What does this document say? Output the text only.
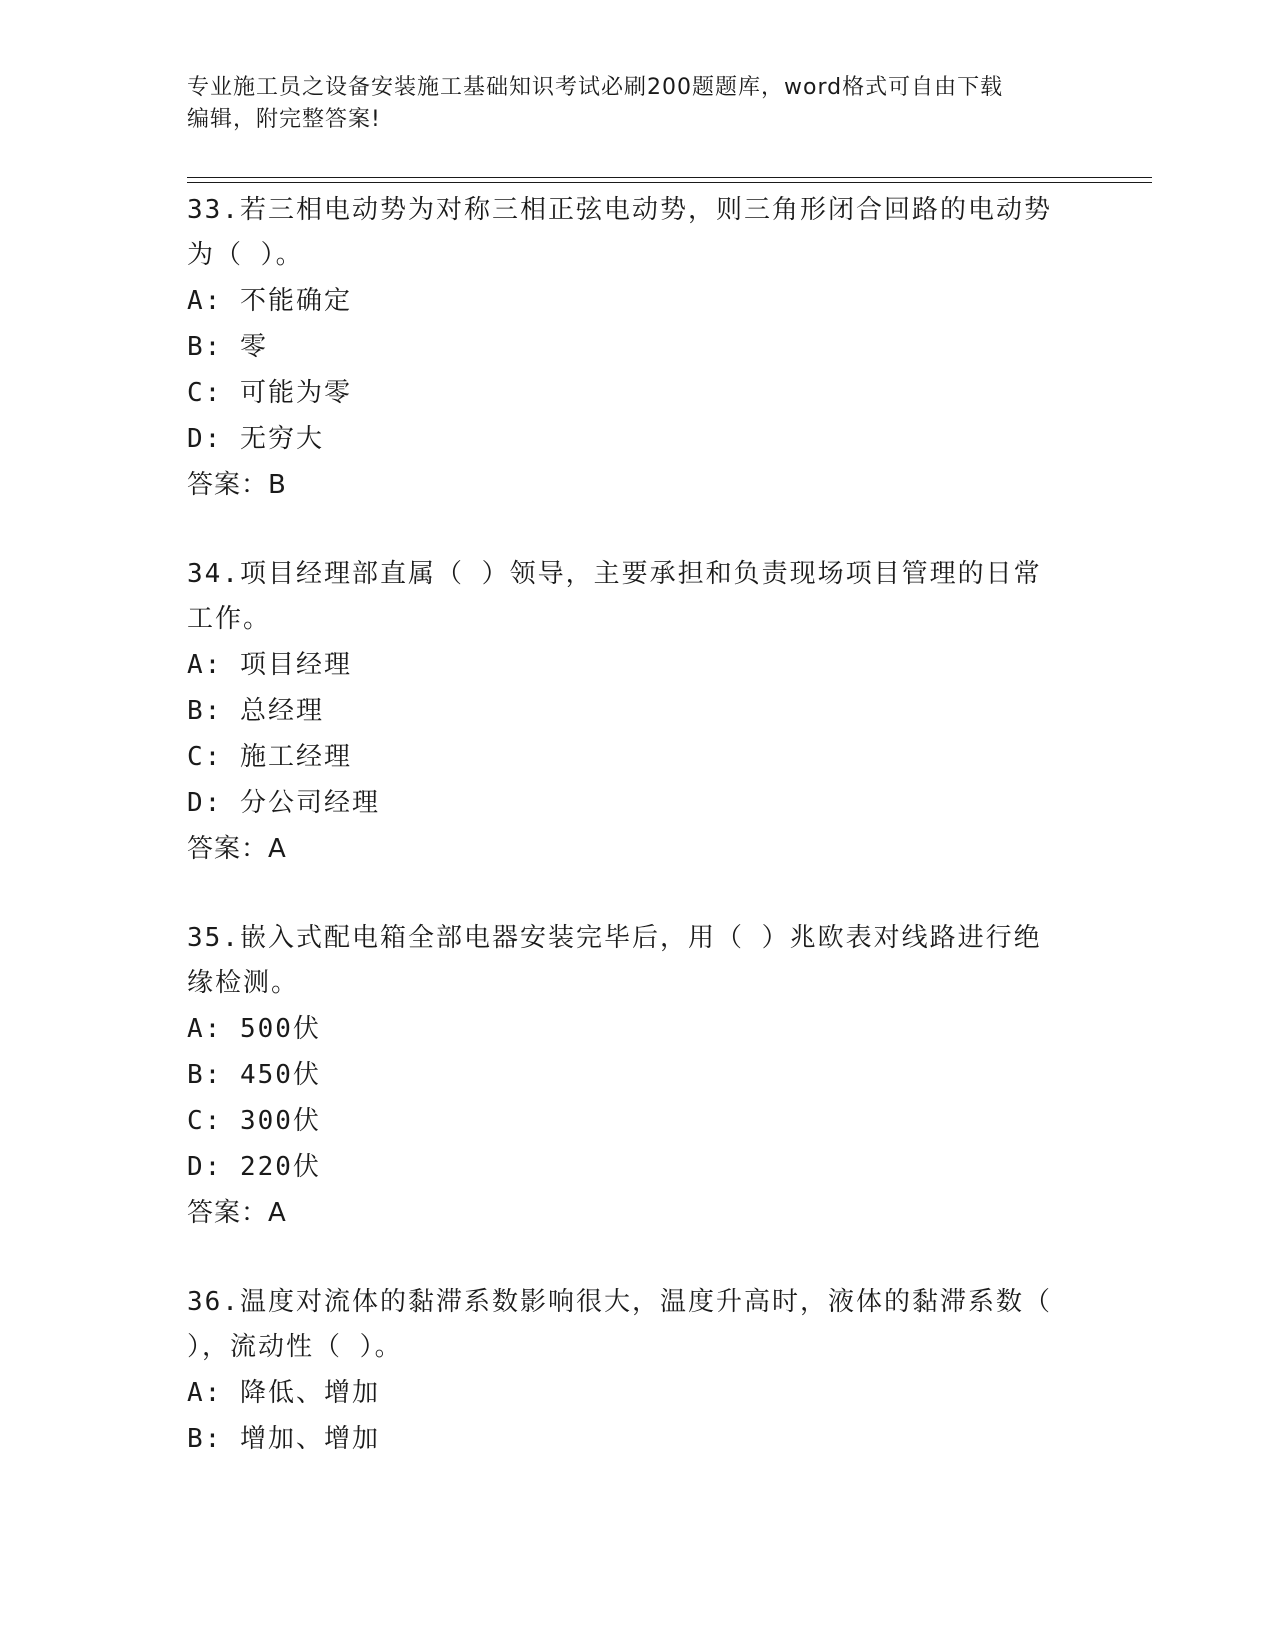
专业施工员之设备安装施工基础知识考试必刷200题题库，word格式可自由下载
编辑，附完整答案!
33.若三相电动势为对称三相正弦电动势，则三角形闭合回路的电动势
为（ ）。
A: 不能确定
B: 零
C: 可能为零
D: 无穷大
答案：B
34.项目经理部直属（ ）领导，主要承担和负责现场项目管理的日常
工作。
A: 项目经理
B: 总经理
C: 施工经理
D: 分公司经理
答案：A
35.嵌入式配电箱全部电器安装完毕后，用（ ）兆欧表对线路进行绝
缘检测。
A: 500伏
B: 450伏
C: 300伏
D: 220伏
答案：A
36.温度对流体的黏滞系数影响很大，温度升高时，液体的黏滞系数（
），流动性（ ）。
A: 降低、增加
B: 增加、增加
